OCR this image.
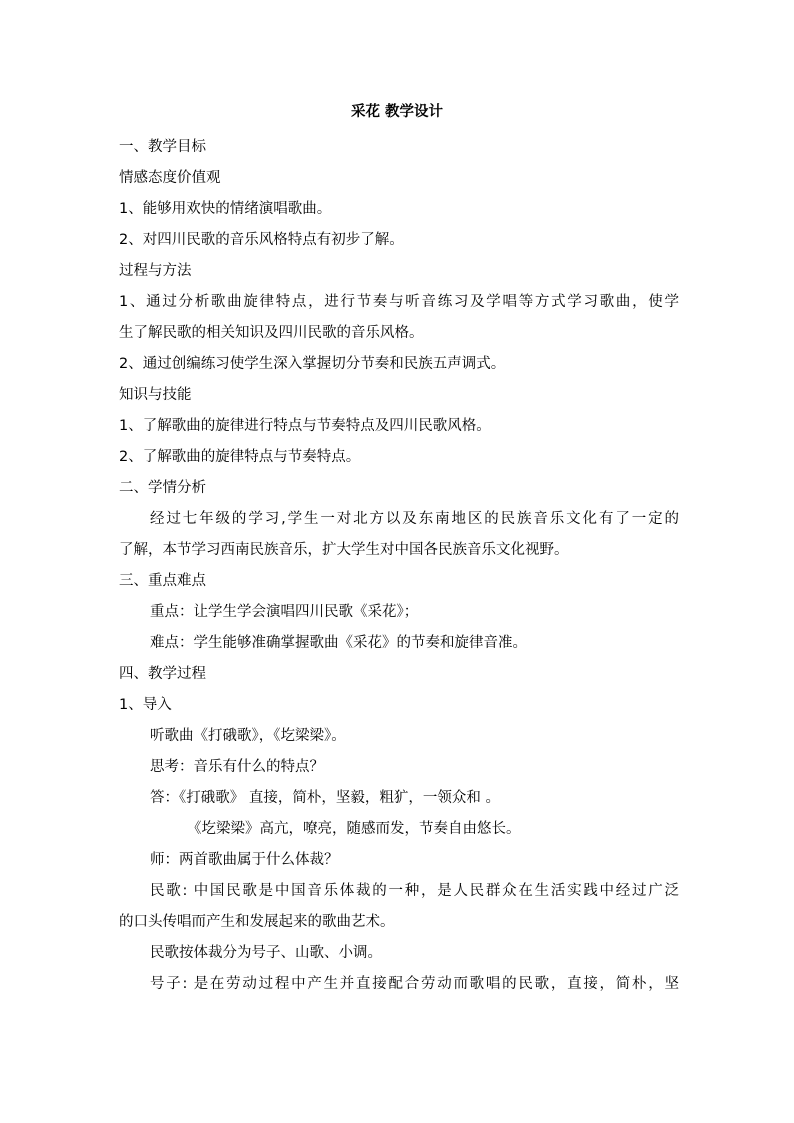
采花 教学设计
一、教学目标
情感态度价值观
1、能够用欢快的情绪演唱歌曲。
2、对四川民歌的音乐风格特点有初步了解。
过程与方法
1、通过分析歌曲旋律特点，进行节奏与听音练习及学唱等方式学习歌曲，使学
生了解民歌的相关知识及四川民歌的音乐风格。
2、通过创编练习使学生深入掌握切分节奏和民族五声调式。
知识与技能
1、了解歌曲的旋律进行特点与节奏特点及四川民歌风格。
2、了解歌曲的旋律特点与节奏特点。
二、学情分析
经过七年级的学习,学生一对北方以及东南地区的民族音乐文化有了一定的
了解，本节学习西南民族音乐，扩大学生对中国各民族音乐文化视野。
三、重点难点
重点：让学生学会演唱四川民歌《采花》；
难点：学生能够准确掌握歌曲《采花》的节奏和旋律音准。
四、教学过程
1、导入
听歌曲《打硪歌》，《圪梁梁》。
思考：音乐有什么的特点？
答：《打硪歌》 直接，简朴，坚毅，粗犷，一领众和 。
《圪梁梁》高亢，嘹亮，随感而发，节奏自由悠长。
师：两首歌曲属于什么体裁？
民歌: 中国民歌是中国音乐体裁的一种，是人民群众在生活实践中经过广泛
的口头传唱而产生和发展起来的歌曲艺术。
民歌按体裁分为号子、山歌、小调。
号子: 是在劳动过程中产生并直接配合劳动而歌唱的民歌，直接，简朴，坚
